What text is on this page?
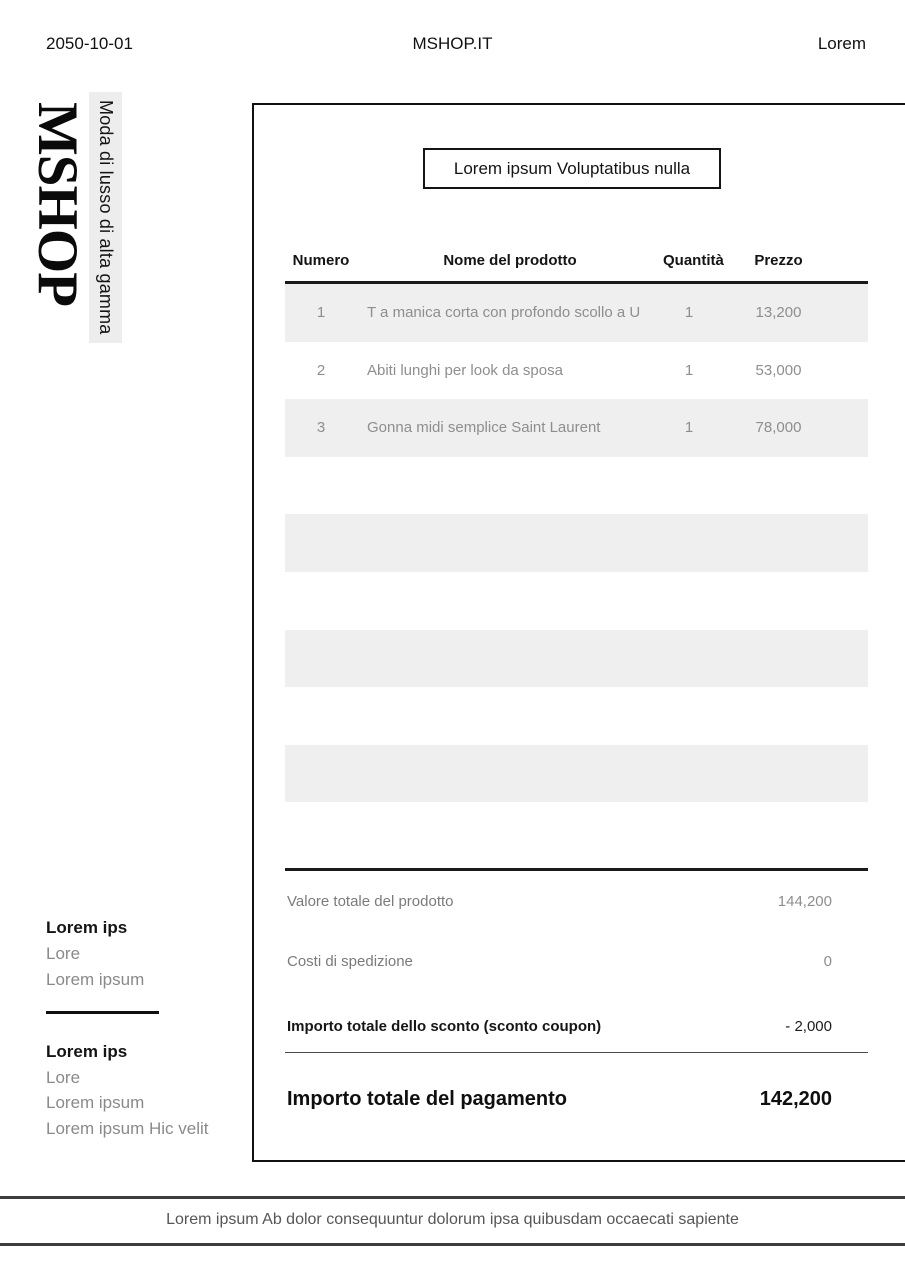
2050-10-01	MSHOP.IT	Lorem
MSHOP Moda di lusso di alta gamma	Lorem ipsum Voluptatibus nulla
Numero	Nome del prodotto	Quantità	Prezzo
1	T a manica corta con profondo scollo a U	1	13,200
2	Abiti lunghi per look da sposa	1	53,000
3	Gonna midi semplice Saint Laurent	1	78,000
Valore totale del prodotto	144,200
Costi di spedizione	0
Importo totale dello sconto (sconto coupon)	- 2,000
Importo totale del pagamento	142,200
Lorem ips
Lore
Lorem ipsum
Lorem ips
Lore
Lorem ipsum
Lorem ipsum Hic velit
Lorem ipsum Ab dolor consequuntur dolorum ipsa quibusdam occaecati sapiente
